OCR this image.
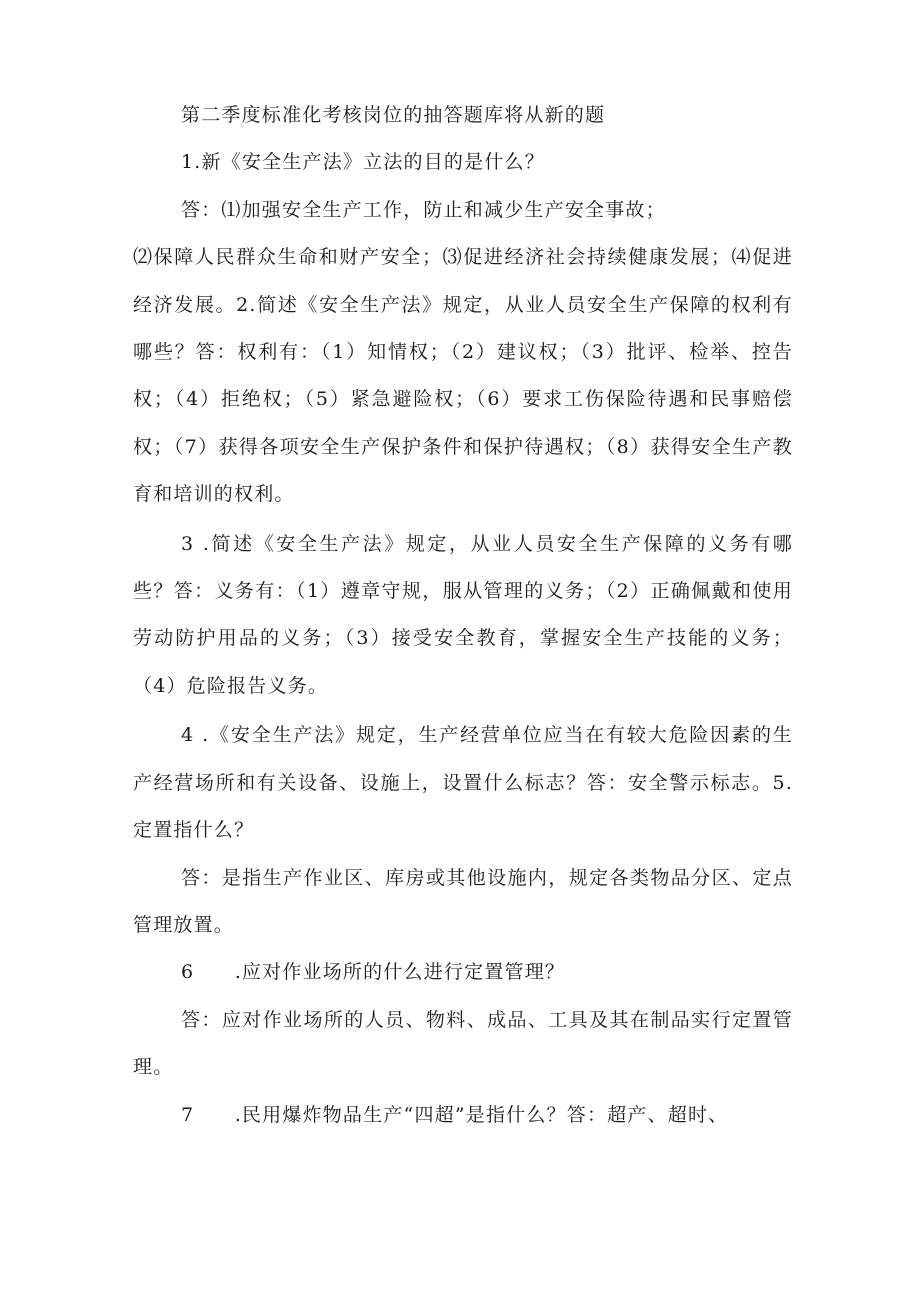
第二季度标准化考核岗位的抽答题库将从新的题

1.新《安全生产法》立法的目的是什么？

答：⑴加强安全生产工作，防止和减少生产安全事故；

⑵保障人民群众生命和财产安全；⑶促进经济社会持续健康发展；⑷促进经济发展。2.简述《安全生产法》规定，从业人员安全生产保障的权利有哪些？答：权利有：（1）知情权；（2）建议权；（3）批评、检举、控告权；（4）拒绝权；（5）紧急避险权；（6）要求工伤保险待遇和民事赔偿权；（7）获得各项安全生产保护条件和保护待遇权；（8）获得安全生产教育和培训的权利。

3 .简述《安全生产法》规定，从业人员安全生产保障的义务有哪些？答：义务有：（1）遵章守规，服从管理的义务；（2）正确佩戴和使用劳动防护用品的义务；（3）接受安全教育，掌握安全生产技能的义务；（4）危险报告义务。

4 .《安全生产法》规定，生产经营单位应当在有较大危险因素的生产经营场所和有关设备、设施上，设置什么标志？答：安全警示标志。5.定置指什么？

答：是指生产作业区、库房或其他设施内，规定各类物品分区、定点管理放置。

6　　.应对作业场所的什么进行定置管理？

答：应对作业场所的人员、物料、成品、工具及其在制品实行定置管理。

7　　.民用爆炸物品生产“四超”是指什么？答：超产、超时、
